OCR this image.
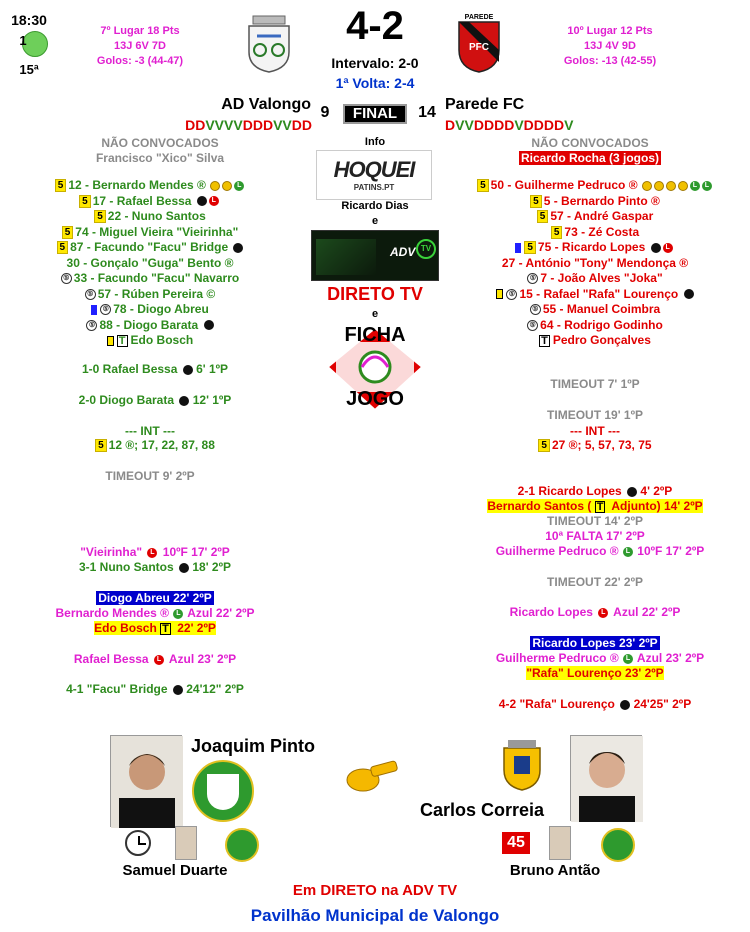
18:30
1
15ª
7º Lugar 18 Pts
13J 6V 7D
Golos: -3 (44-47)
4-2
Intervalo: 2-0
1ª Volta: 2-4
PAREDE
PFC
10º Lugar 12 Pts
13J 4V 9D
Golos: -13 (42-55)
AD Valongo 9	FINAL	14 Parede FC
DDVVVVDDDVVDD	DVVDDDDVDDDDV
NÃO CONVOCADOS
Francisco "Xico" Silva
5 12 - Bernardo Mendes ®	L
5 17 - Rafael Bessa	L
5 22 - Nuno Santos
5 74 - Miguel Vieira "Vieirinha"
5 87 - Facundo "Facu" Bridge
30 - Gonçalo "Guga" Bento ®
⑤ 33 - Facundo "Facu" Navarro
⑤ 57 - Rúben Pereira ©
⑤ 78 - Diogo Abreu
⑤ 88 - Diogo Barata
T Edo Bosch
1-0 Rafael Bessa 6' 1ºP
2-0 Diogo Barata 12' 1ºP
--- INT ---
5 12 ®; 17, 22, 87, 88
TIMEOUT 9' 2ºP
"Vieirinha" L 10ºF 17' 2ºP
3-1 Nuno Santos 18' 2ºP
Diogo Abreu 22' 2ºP
Bernardo Mendes ® L Azul 22' 2ºP
Edo Bosch T 22' 2ºP
Rafael Bessa L Azul 23' 2ºP
4-1 "Facu" Bridge 24'12" 2ºP
Info
HOQUEI
PATINS.PT
Ricardo Dias
e
ADV TV
DIRETO TV
e
FICHA
JOGO
NÃO CONVOCADOS
Ricardo Rocha (3 jogos)
5 50 - Guilherme Pedruco ®	L L
5 5 - Bernardo Pinto ®
5 57 - André Gaspar
5 73 - Zé Costa
5 75 - Ricardo Lopes	L
27 - António "Tony" Mendonça ®
⑤ 7 - João Alves "Joka"
⑤ 15 - Rafael "Rafa" Lourenço
⑤ 55 - Manuel Coimbra
⑤ 64 - Rodrigo Godinho
T Pedro Gonçalves
TIMEOUT 7' 1ºP
TIMEOUT 19' 1ºP
--- INT ---
5 27 ®; 5, 57, 73, 75
2-1 Ricardo Lopes 4' 2ºP
Bernardo Santos ( T Adjunto) 14' 2ºP
TIMEOUT 14' 2ºP
10ª FALTA 17' 2ºP
Guilherme Pedruco ® L 10ºF 17' 2ºP
TIMEOUT 22' 2ºP
Ricardo Lopes L Azul 22' 2ºP
Ricardo Lopes 23' 2ºP
Guilherme Pedruco ® L Azul 23' 2ºP
"Rafa" Lourenço 23' 2ºP
4-2 "Rafa" Lourenço 24'25" 2ºP
Joaquim Pinto
Carlos Correia
Samuel Duarte
45
Bruno Antão
Em DIRETO na ADV TV
Pavilhão Municipal de Valongo
